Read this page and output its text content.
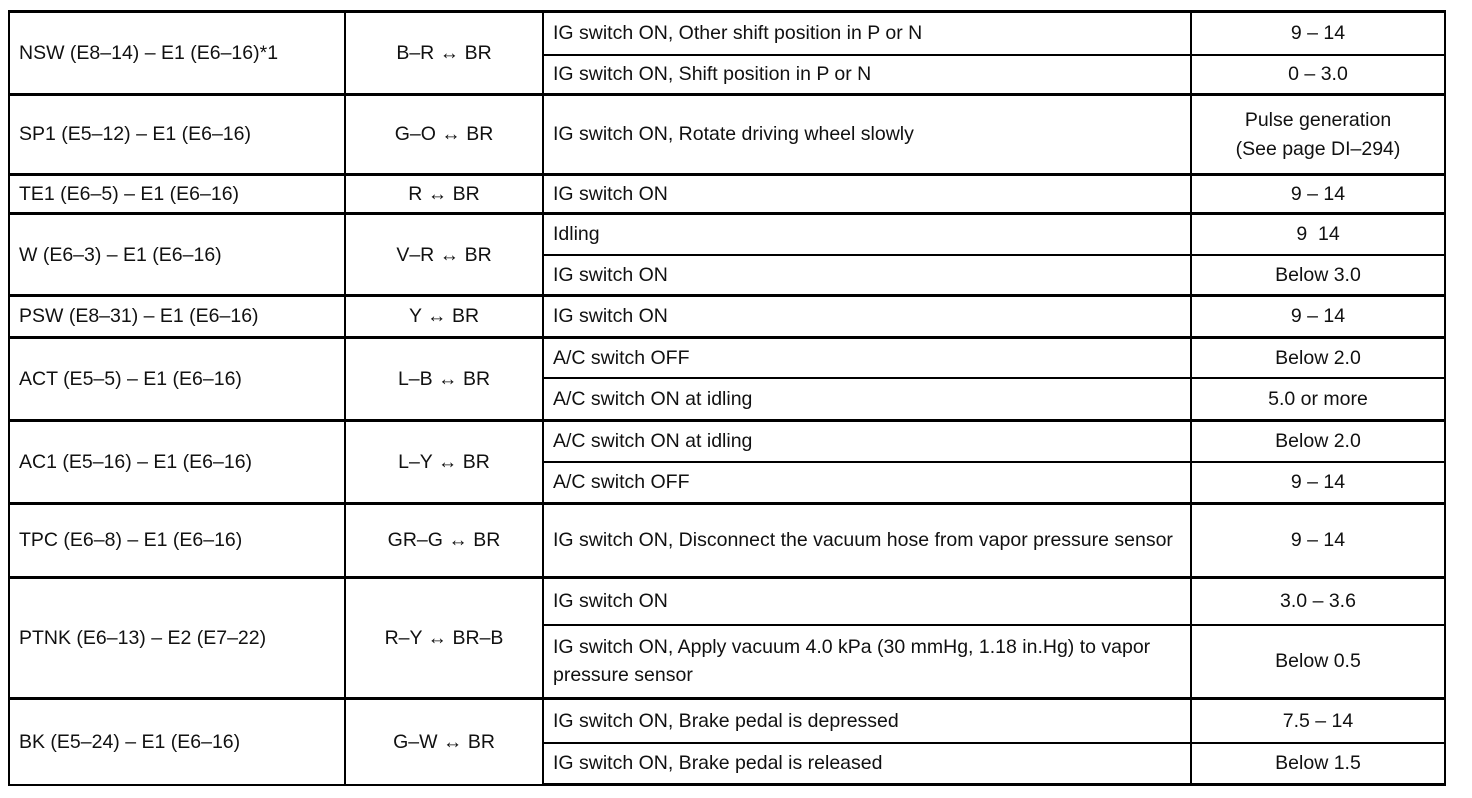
NSW (E8–14) – E1 (E6–16)*1	B–R ↔ BR	IG switch ON, Other shift position in P or N	9 – 14
		IG switch ON, Shift position in P or N	0 – 3.0
SP1 (E5–12) – E1 (E6–16)	G–O ↔ BR	IG switch ON, Rotate driving wheel slowly	Pulse generation
(See page DI–294)

TE1 (E6–5) – E1 (E6–16)	R ↔ BR	IG switch ON	9 – 14
W (E6–3) – E1 (E6–16)	V–R ↔ BR	Idling	9  14
		IG switch ON	Below 3.0
PSW (E8–31) – E1 (E6–16)	Y ↔ BR	IG switch ON	9 – 14
ACT (E5–5) – E1 (E6–16)	L–B ↔ BR	A/C switch OFF	Below 2.0
		A/C switch ON at idling	5.0 or more
AC1 (E5–16) – E1 (E6–16)	L–Y ↔ BR	A/C switch ON at idling	Below 2.0
		A/C switch OFF	9 – 14
TPC (E6–8) – E1 (E6–16)	GR–G ↔ BR	IG switch ON, Disconnect the vacuum hose from vapor pressure sensor	9 – 14
PTNK (E6–13) – E2 (E7–22)	R–Y ↔ BR–B	IG switch ON	3.0 – 3.6
		IG switch ON, Apply vacuum 4.0 kPa (30 mmHg, 1.18 in.Hg) to vapor pressure sensor	Below 0.5
BK (E5–24) – E1 (E6–16)	G–W ↔ BR	IG switch ON, Brake pedal is depressed	7.5 – 14
		IG switch ON, Brake pedal is released	Below 1.5
